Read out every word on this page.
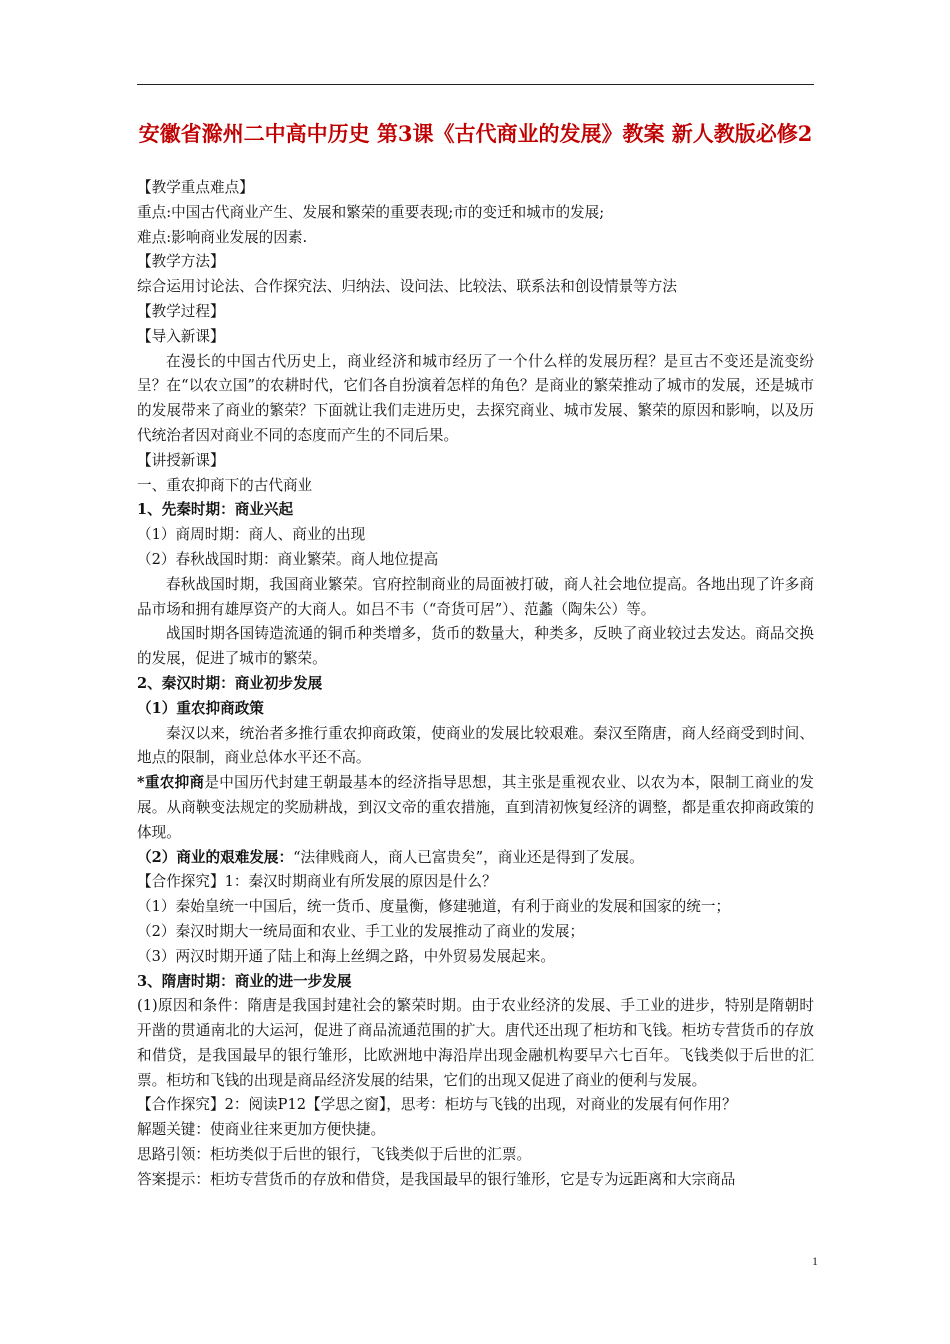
安徽省滁州二中高中历史 第3课《古代商业的发展》教案 新人教版必修2

【教学重点难点】

重点:中国古代商业产生、发展和繁荣的重要表现;市的变迁和城市的发展;

难点:影响商业发展的因素.

【教学方法】

综合运用讨论法、合作探究法、归纳法、设问法、比较法、联系法和创设情景等方法

【教学过程】

【导入新课】

在漫长的中国古代历史上，商业经济和城市经历了一个什么样的发展历程？是亘古不变还是流变纷呈？在“以农立国”的农耕时代，它们各自扮演着怎样的角色？是商业的繁荣推动了城市的发展，还是城市的发展带来了商业的繁荣？下面就让我们走进历史，去探究商业、城市发展、繁荣的原因和影响，以及历代统治者因对商业不同的态度而产生的不同后果。

【讲授新课】

一、重农抑商下的古代商业

1、先秦时期：商业兴起

（1）商周时期：商人、商业的出现

（2）春秋战国时期：商业繁荣。商人地位提高

春秋战国时期，我国商业繁荣。官府控制商业的局面被打破，商人社会地位提高。各地出现了许多商品市场和拥有雄厚资产的大商人。如吕不韦（“奇货可居”）、范蠡（陶朱公）等。

战国时期各国铸造流通的铜币种类增多，货币的数量大，种类多，反映了商业较过去发达。商品交换的发展，促进了城市的繁荣。

2、秦汉时期：商业初步发展

（1）重农抑商政策

秦汉以来，统治者多推行重农抑商政策，使商业的发展比较艰难。秦汉至隋唐，商人经商受到时间、地点的限制，商业总体水平还不高。

*重农抑商是中国历代封建王朝最基本的经济指导思想，其主张是重视农业、以农为本，限制工商业的发展。从商鞅变法规定的奖励耕战，到汉文帝的重农措施，直到清初恢复经济的调整，都是重农抑商政策的体现。

（2）商业的艰难发展：“法律贱商人，商人已富贵矣”，商业还是得到了发展。

【合作探究】1：秦汉时期商业有所发展的原因是什么？

（1）秦始皇统一中国后，统一货币、度量衡，修建驰道，有利于商业的发展和国家的统一；

（2）秦汉时期大一统局面和农业、手工业的发展推动了商业的发展；

（3）两汉时期开通了陆上和海上丝绸之路，中外贸易发展起来。

3、隋唐时期：商业的进一步发展

(1)原因和条件：隋唐是我国封建社会的繁荣时期。由于农业经济的发展、手工业的进步，特别是隋朝时开凿的贯通南北的大运河，促进了商品流通范围的扩大。唐代还出现了柜坊和飞钱。柜坊专营货币的存放和借贷，是我国最早的银行雏形，比欧洲地中海沿岸出现金融机构要早六七百年。飞钱类似于后世的汇票。柜坊和飞钱的出现是商品经济发展的结果，它们的出现又促进了商业的便利与发展。

【合作探究】2：阅读P12【学思之窗】，思考：柜坊与飞钱的出现，对商业的发展有何作用？

解题关键：使商业往来更加方便快捷。

思路引领：柜坊类似于后世的银行，飞钱类似于后世的汇票。

答案提示：柜坊专营货币的存放和借贷，是我国最早的银行雏形，它是专为远距离和大宗商品

1
